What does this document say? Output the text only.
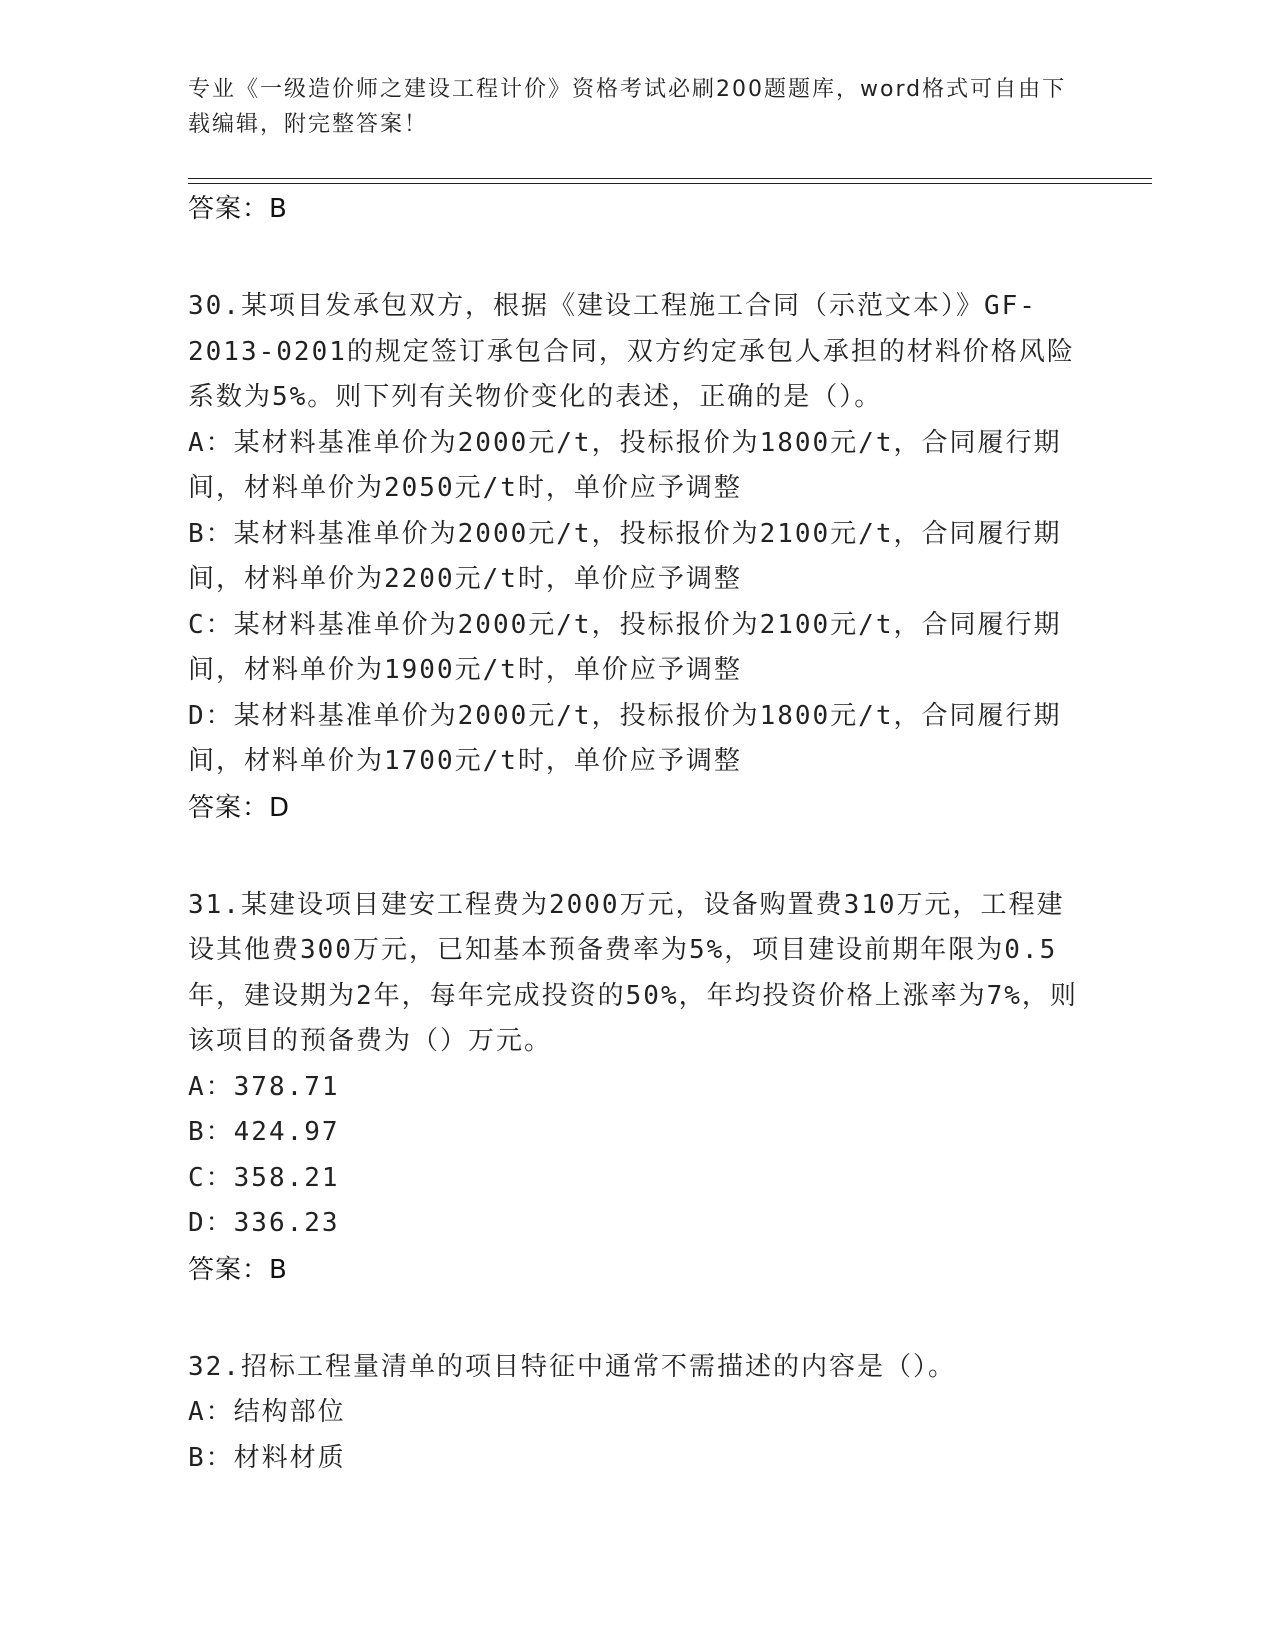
专业《一级造价师之建设工程计价》资格考试必刷200题题库，word格式可自由下载编辑，附完整答案！
答案：B
30.某项目发承包双方，根据《建设工程施工合同（示范文本）》GF-2013-0201的规定签订承包合同，双方约定承包人承担的材料价格风险系数为5%。则下列有关物价变化的表述，正确的是（）。
A：某材料基准单价为2000元/t，投标报价为1800元/t，合同履行期间，材料单价为2050元/t时，单价应予调整
B：某材料基准单价为2000元/t，投标报价为2100元/t，合同履行期间，材料单价为2200元/t时，单价应予调整
C：某材料基准单价为2000元/t，投标报价为2100元/t，合同履行期间，材料单价为1900元/t时，单价应予调整
D：某材料基准单价为2000元/t，投标报价为1800元/t，合同履行期间，材料单价为1700元/t时，单价应予调整
答案：D
31.某建设项目建安工程费为2000万元，设备购置费310万元，工程建设其他费300万元，已知基本预备费率为5%，项目建设前期年限为0.5年，建设期为2年，每年完成投资的50%，年均投资价格上涨率为7%，则该项目的预备费为（）万元。
A：378.71
B：424.97
C：358.21
D：336.23
答案：B
32.招标工程量清单的项目特征中通常不需描述的内容是（）。
A：结构部位
B：材料材质
